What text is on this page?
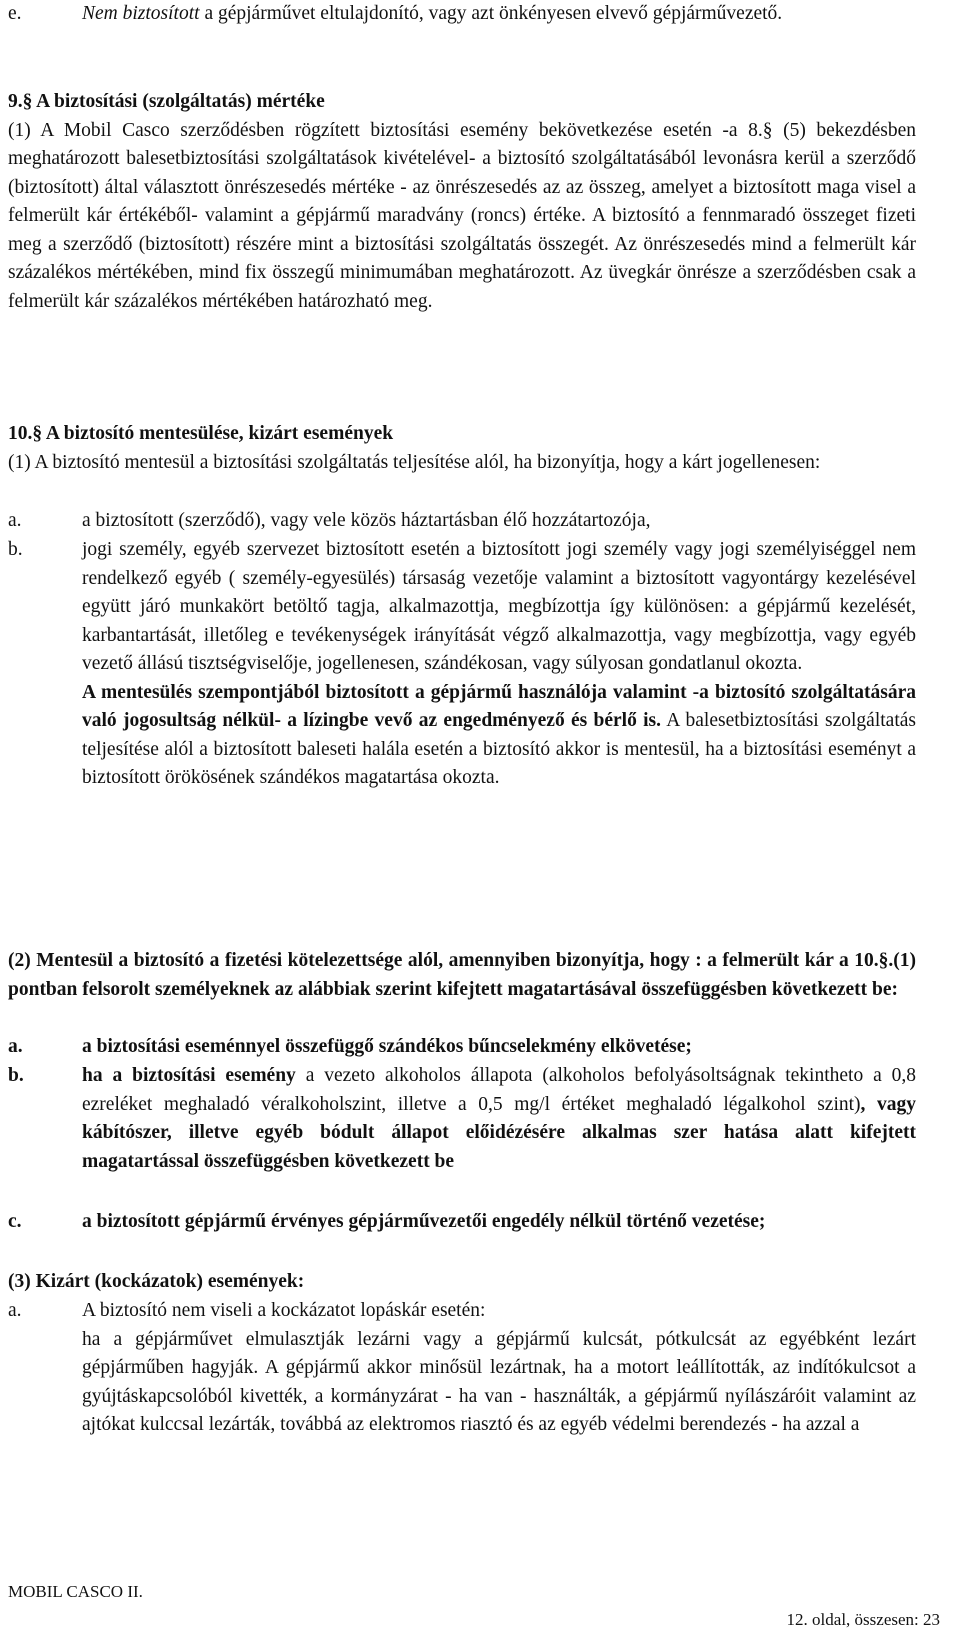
e.	Nem biztosított a gépjárművet eltulajdonító, vagy azt önkényesen elvevő gépjárművezető.

9.§ A biztosítási (szolgáltatás) mértéke

(1) A Mobil Casco szerződésben rögzített biztosítási esemény bekövetkezése esetén -a 8.§ (5) bekezdésben meghatározott balesetbiztosítási szolgáltatások kivételével- a biztosító szolgáltatásából levonásra kerül a szerződő (biztosított) által választott önrészesedés mértéke - az önrészesedés az az összeg, amelyet a biztosított maga visel a felmerült kár értékéből- valamint a gépjármű maradvány (roncs) értéke. A biztosító a fennmaradó összeget fizeti meg a szerződő (biztosított) részére mint a biztosítási szolgáltatás összegét. Az önrészesedés mind a felmerült kár százalékos mértékében, mind fix összegű minimumában meghatározott. Az üvegkár önrésze a szerződésben csak a felmerült kár százalékos mértékében határozható meg.

10.§ A biztosító mentesülése, kizárt események

(1) A biztosító mentesül a biztosítási szolgáltatás teljesítése alól, ha bizonyítja, hogy a kárt jogellenesen:

a.	a biztosított (szerződő), vagy vele közös háztartásban élő hozzátartozója,

b.	jogi személy, egyéb szervezet biztosított esetén a biztosított jogi személy vagy jogi személyiséggel nem rendelkező egyéb ( személy-egyesülés) társaság vezetője valamint a biztosított vagyontárgy kezelésével együtt járó munkakört betöltő tagja, alkalmazottja, megbízottja így különösen: a gépjármű kezelését, karbantartását, illetőleg e tevékenységek irányítását végző alkalmazottja, vagy megbízottja, vagy egyéb vezető állású tisztségviselője, jogellenesen, szándékosan, vagy súlyosan gondatlanul okozta.

A mentesülés szempontjából biztosított a gépjármű használója valamint -a biztosító szolgáltatására való jogosultság nélkül- a lízingbe vevő az engedményező és bérlő is. A balesetbiztosítási szolgáltatás teljesítése alól a biztosított baleseti halála esetén a biztosító akkor is mentesül, ha a biztosítási eseményt a biztosított örökösének szándékos magatartása okozta.

(2) Mentesül a biztosító a fizetési kötelezettsége alól, amennyiben bizonyítja, hogy : a felmerült kár a 10.§.(1) pontban felsorolt személyeknek az alábbiak szerint kifejtett magatartásával összefüggésben következett be:

a.	a biztosítási eseménnyel összefüggő szándékos bűncselekmény elkövetése;

b.	ha a biztosítási esemény a vezeto alkoholos állapota (alkoholos befolyásoltságnak tekintheto a 0,8 ezreléket meghaladó véralkoholszint, illetve a 0,5 mg/l értéket meghaladó légalkohol szint), vagy kábítószer, illetve egyéb bódult állapot előidézésére alkalmas szer hatása alatt kifejtett magatartással összefüggésben következett be

c.	a biztosított gépjármű érvényes gépjárművezetői engedély nélkül történő vezetése;

(3) Kizárt (kockázatok) események:

a.	A biztosító nem viseli a kockázatot lopáskár esetén:

ha a gépjárművet elmulasztják lezárni vagy a gépjármű kulcsát, pótkulcsát az egyébként lezárt gépjárműben hagyják. A gépjármű akkor minősül lezártnak, ha a motort leállították, az indítókulcsot a gyújtáskapcsolóból kivették, a kormányzárat - ha van - használták, a gépjármű nyílászáróit valamint az ajtókat kulccsal lezárták, továbbá az elektromos riasztó és az egyéb védelmi berendezés - ha azzal a

MOBIL CASCO II.
12. oldal, összesen: 23
